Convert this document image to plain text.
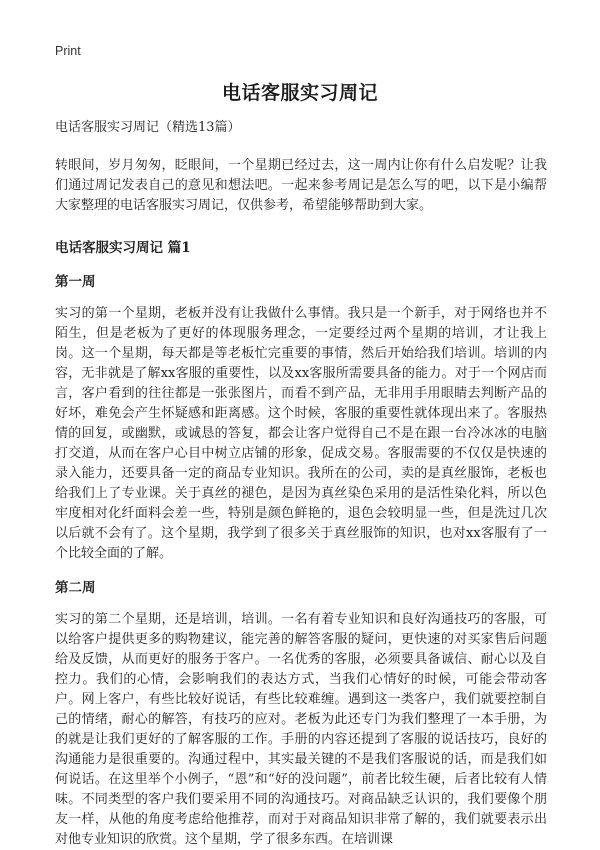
Print
电话客服实习周记
电话客服实习周记（精选13篇）

转眼间，岁月匆匆，眨眼间，一个星期已经过去，这一周内让你有什么启发呢？让我们通过周记发表自己的意见和想法吧。一起来参考周记是怎么写的吧，以下是小编帮大家整理的电话客服实习周记，仅供参考，希望能够帮助到大家。

电话客服实习周记 篇1
第一周

实习的第一个星期，老板并没有让我做什么事情。我只是一个新手，对于网络也并不陌生，但是老板为了更好的体现服务理念，一定要经过两个星期的培训，才让我上岗。这一个星期，每天都是等老板忙完重要的事情，然后开始给我们培训。培训的内容，无非就是了解xx客服的重要性，以及xx客服所需要具备的能力。对于一个网店而言，客户看到的往往都是一张张图片，而看不到产品，无非用手用眼睛去判断产品的好坏，难免会产生怀疑感和距离感。这个时候，客服的重要性就体现出来了。客服热情的回复，或幽默，或诚恳的答复，都会让客户觉得自己不是在跟一台冷冰冰的电脑打交道，从而在客户心目中树立店铺的形象，促成交易。客服需要的不仅仅是快速的录入能力，还要具备一定的商品专业知识。我所在的公司，卖的是真丝服饰，老板也给我们上了专业课。关于真丝的褪色，是因为真丝染色采用的是活性染化料，所以色牢度相对化纤面料会差一些，特别是颜色鲜艳的，退色会较明显一些，但是洗过几次以后就不会有了。这个星期，我学到了很多关于真丝服饰的知识，也对xx客服有了一个比较全面的了解。

第二周

实习的第二个星期，还是培训，培训。一名有着专业知识和良好沟通技巧的客服，可以给客户提供更多的购物建议，能完善的解答客服的疑问，更快速的对买家售后问题给及反馈，从而更好的服务于客户。一名优秀的客服，必须要具备诚信、耐心以及自控力。我们的心情，会影响我们的表达方式，当我们心情好的时候，可能会带动客户。网上客户，有些比较好说话，有些比较难缠。遇到这一类客户，我们就要控制自己的情绪，耐心的解答，有技巧的应对。老板为此还专门为我们整理了一本手册，为的就是让我们更好的了解客服的工作。手册的内容还提到了客服的说话技巧，良好的沟通能力是很重要的。沟通过程中，其实最关键的不是我们客服说的话，而是我们如何说话。在这里举个小例子，“恩”和“好的没问题”，前者比较生硬，后者比较有人情味。不同类型的客户我们要采用不同的沟通技巧。对商品缺乏认识的，我们要像个朋友一样，从他的角度考虑给他推荐，而对于对商品知识非常了解的，我们就要表示出对他专业知识的欣赏。这个星期，学了很多东西。在培训课
